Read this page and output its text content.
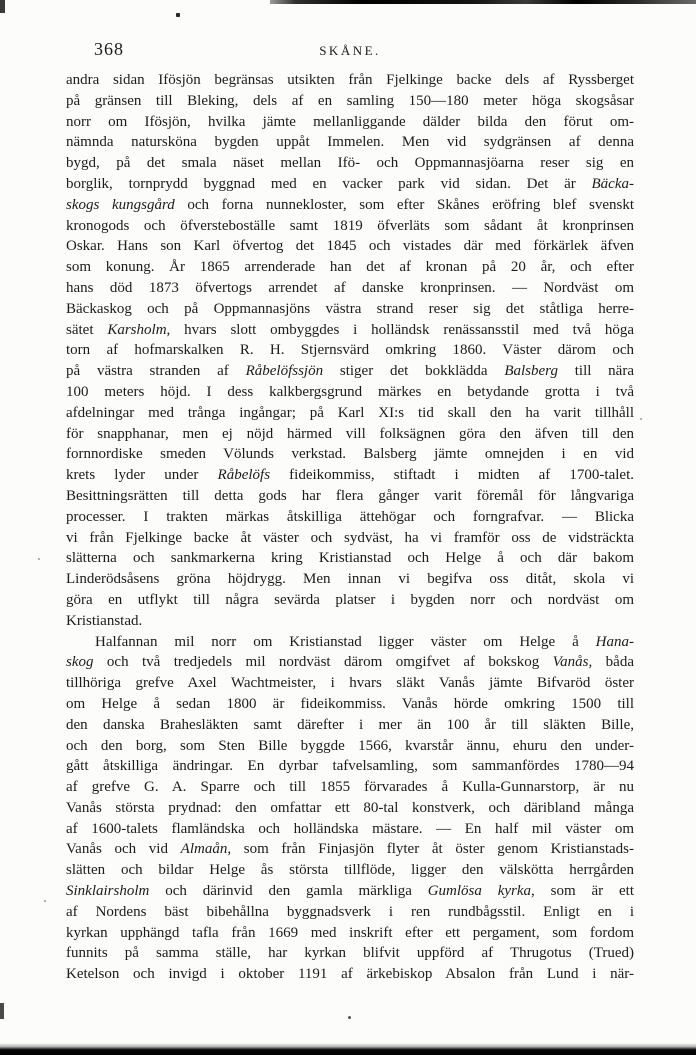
368	SKÅNE.
andra sidan Ifösjön begränsas utsikten från Fjelkinge backe dels af Ryssberget
på gränsen till Bleking, dels af en samling 150—180 meter höga skogsåsar
norr om Ifösjön, hvilka jämte mellanliggande dälder bilda den förut om-
nämnda natursköna bygden uppåt Immelen. Men vid sydgränsen af denna
bygd, på det smala näset mellan Ifö- och Oppmannasjöarna reser sig en
borglik, tornprydd byggnad med en vacker park vid sidan. Det är Bäcka-
skogs kungsgård och forna nunnekloster, som efter Skånes eröfring blef svenskt
kronogods och öfversteboställe samt 1819 öfverläts som sådant åt kronprinsen
Oskar. Hans son Karl öfvertog det 1845 och vistades där med förkärlek äfven
som konung. År 1865 arrenderade han det af kronan på 20 år, och efter
hans död 1873 öfvertogs arrendet af danske kronprinsen. — Nordväst om
Bäckaskog och på Oppmannasjöns västra strand reser sig det ståtliga herre-
sätet Karsholm, hvars slott ombyggdes i holländsk renässansstil med två höga
torn af hofmarskalken R. H. Stjernsvärd omkring 1860. Väster därom och
på västra stranden af Råbelöfssjön stiger det bokklädda Balsberg till nära
100 meters höjd. I dess kalkbergsgrund märkes en betydande grotta i två
afdelningar med trånga ingångar; på Karl XI:s tid skall den ha varit tillhåll
för snapphanar, men ej nöjd härmed vill folksägnen göra den äfven till den
fornnordiske smeden Völunds verkstad. Balsberg jämte omnejden i en vid
krets lyder under Råbelöfs fideikommiss, stiftadt i midten af 1700-talet.
Besittningsrätten till detta gods har flera gånger varit föremål för långvariga
processer. I trakten märkas åtskilliga ättehögar och forngrafvar. — Blicka
vi från Fjelkinge backe åt väster och sydväst, ha vi framför oss de vidsträckta
slätterna och sankmarkerna kring Kristianstad och Helge å och där bakom
Linderödsåsens gröna höjdrygg. Men innan vi begifva oss ditåt, skola vi
göra en utflykt till några sevärda platser i bygden norr och nordväst om
Kristianstad.
Halfannan mil norr om Kristianstad ligger väster om Helge å Hana-
skog och två tredjedels mil nordväst därom omgifvet af bokskog Vanås, båda
tillhöriga grefve Axel Wachtmeister, i hvars släkt Vanås jämte Bifvaröd öster
om Helge å sedan 1800 är fideikommiss. Vanås hörde omkring 1500 till
den danska Brahesläkten samt därefter i mer än 100 år till släkten Bille,
och den borg, som Sten Bille byggde 1566, kvarstår ännu, ehuru den under-
gått åtskilliga ändringar. En dyrbar tafvelsamling, som sammanfördes 1780—94
af grefve G. A. Sparre och till 1855 förvarades å Kulla-Gunnarstorp, är nu
Vanås största prydnad: den omfattar ett 80-tal konstverk, och däribland många
af 1600-talets flamländska och holländska mästare. — En half mil väster om
Vanås och vid Almaån, som från Finjasjön flyter åt öster genom Kristianstads-
slätten och bildar Helge ås största tillflöde, ligger den välskötta herrgården
Sinklairsholm och därinvid den gamla märkliga Gumlösa kyrka, som är ett
af Nordens bäst bibehållna byggnadsverk i ren rundbågsstil. Enligt en i
kyrkan upphängd tafla från 1669 med inskrift efter ett pergament, som fordom
funnits på samma ställe, har kyrkan blifvit uppförd af Thrugotus (Trued)
Ketelson och invigd i oktober 1191 af ärkebiskop Absalon från Lund i när-
